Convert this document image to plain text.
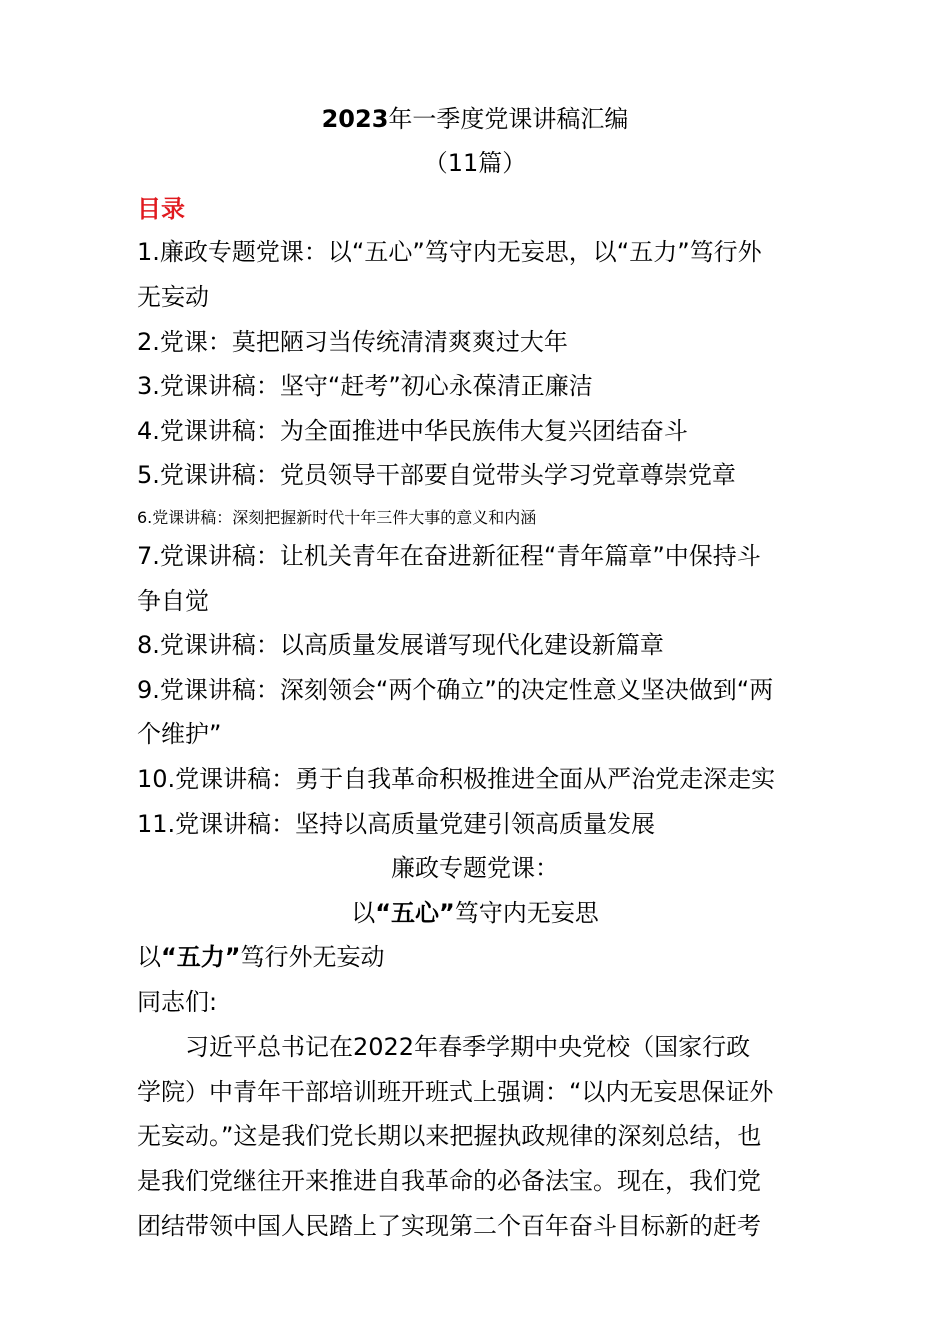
2023年一季度党课讲稿汇编
（11篇）
目录
1.廉政专题党课：以“五心”笃守内无妄思，以“五力”笃行外
无妄动
2.党课：莫把陋习当传统清清爽爽过大年
3.党课讲稿：坚守“赶考”初心永葆清正廉洁
4.党课讲稿：为全面推进中华民族伟大复兴团结奋斗
5.党课讲稿：党员领导干部要自觉带头学习党章尊崇党章
6.党课讲稿：深刻把握新时代十年三件大事的意义和内涵
7.党课讲稿：让机关青年在奋进新征程“青年篇章”中保持斗
争自觉
8.党课讲稿：以高质量发展谱写现代化建设新篇章
9.党课讲稿：深刻领会“两个确立”的决定性意义坚决做到“两
个维护”
10.党课讲稿：勇于自我革命积极推进全面从严治党走深走实
11.党课讲稿：坚持以高质量党建引领高质量发展
廉政专题党课：
以“五心”笃守内无妄思
以“五力”笃行外无妄动
同志们:
　　习近平总书记在2022年春季学期中央党校（国家行政
学院）中青年干部培训班开班式上强调：“以内无妄思保证外
无妄动。”这是我们党长期以来把握执政规律的深刻总结，也
是我们党继往开来推进自我革命的必备法宝。现在，我们党
团结带领中国人民踏上了实现第二个百年奋斗目标新的赶考
